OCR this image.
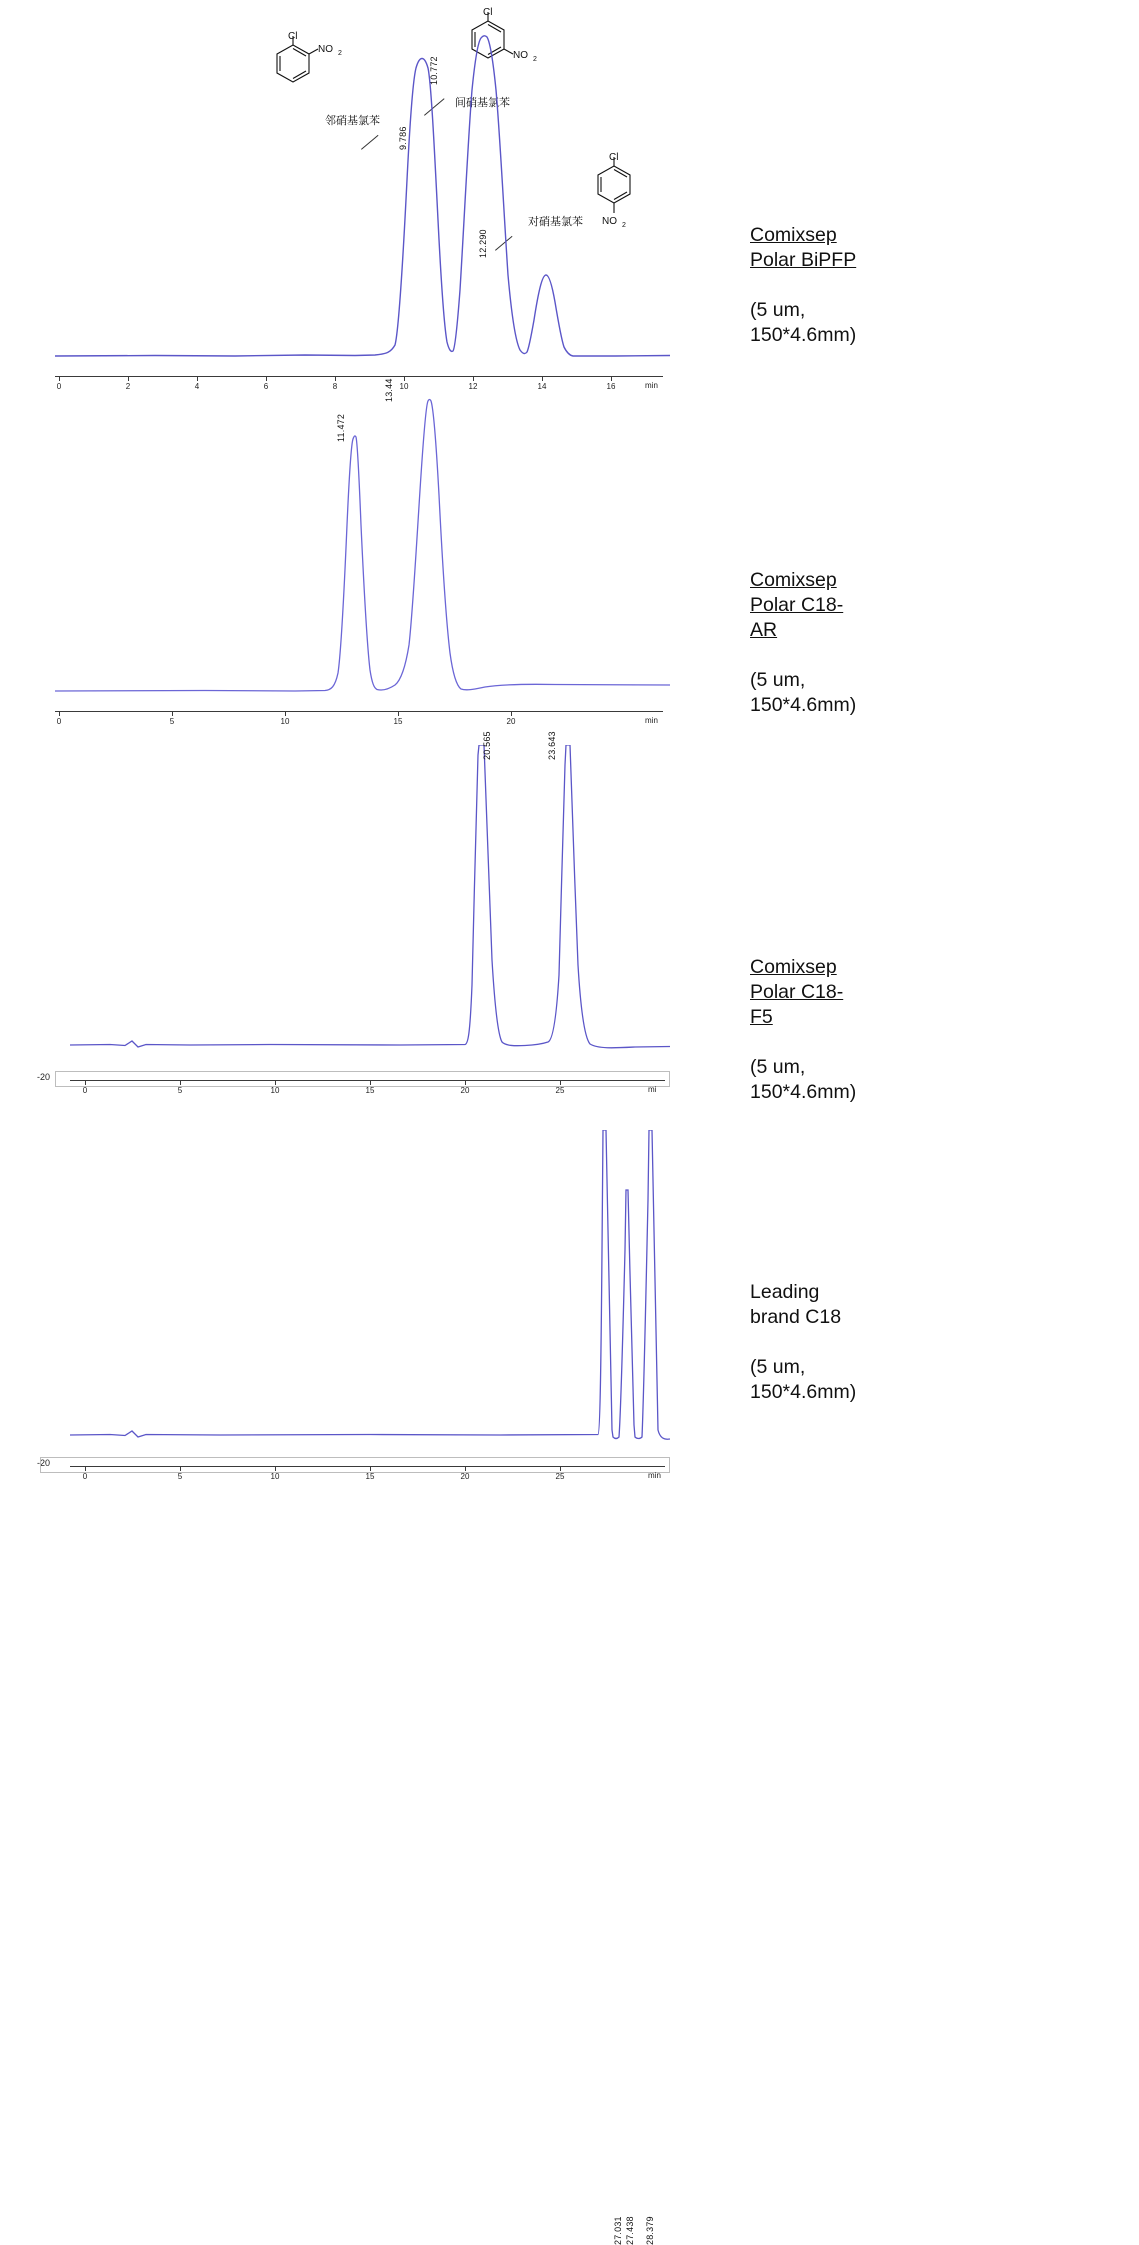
Cl
NO 2
Cl
NO 2
Cl
NO 2
邻硝基氯苯
间硝基氯苯
对硝基氯苯
9.786
10.772
12.290
0	2	4	6	8	10	12	14	16	min

Comixsep Polar BiPFP

(5 um, 150*4.6mm)

11.472
13.44
0	5	10	15	20	min

Comixsep Polar C18-AR

(5 um, 150*4.6mm)

20.565	23.643
-20
0	5	10	15	20	25	mi

Comixsep Polar C18-F5

(5 um, 150*4.6mm)

27.031 27.438 28.379
-20
0	5	10	15	20	25	min

Leading brand C18

(5 um, 150*4.6mm)
